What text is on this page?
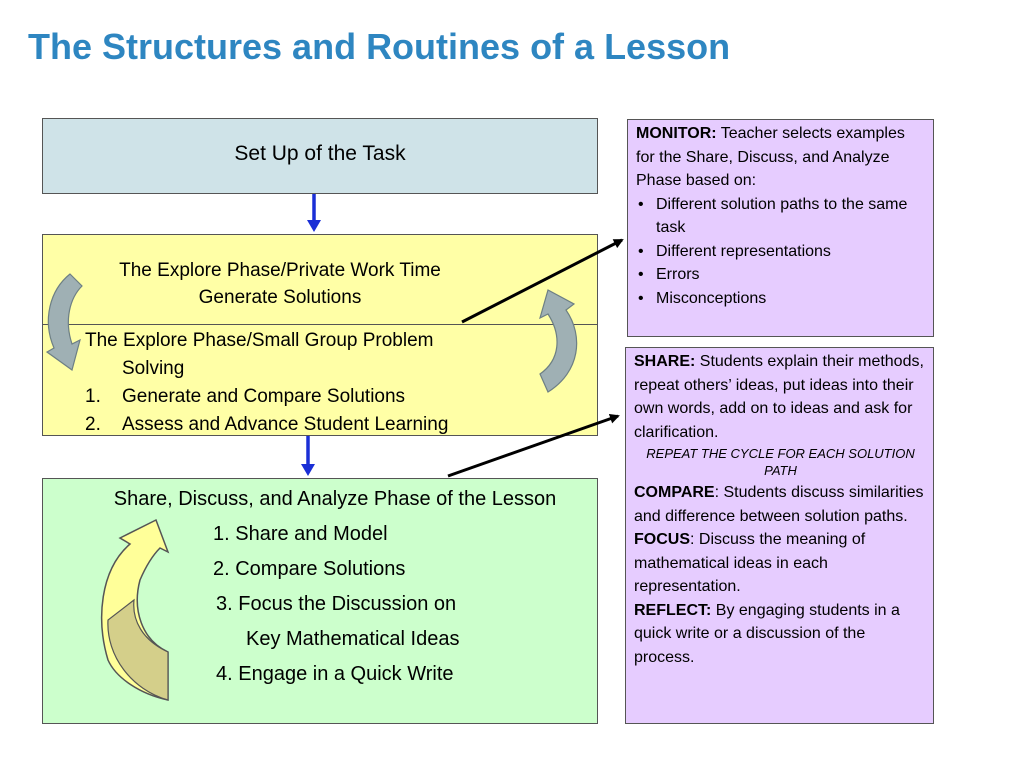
The Structures and Routines of a Lesson
Set Up of the Task
The Explore Phase/Private Work Time
Generate Solutions
The Explore Phase/Small Group Problem
Solving
1. Generate and Compare Solutions
2. Assess and Advance Student Learning
Share, Discuss, and Analyze Phase of the Lesson
1. Share and Model
2. Compare Solutions
3. Focus the Discussion on
Key Mathematical Ideas
4. Engage in a Quick Write
MONITOR: Teacher selects examples for the Share, Discuss, and Analyze Phase based on:
• Different solution paths to the same task
• Different representations
• Errors
• Misconceptions
SHARE: Students explain their methods, repeat others’ ideas, put ideas into their own words, add on to ideas and ask for clarification.
REPEAT THE CYCLE FOR EACH SOLUTION PATH
COMPARE: Students discuss similarities and difference between solution paths.
FOCUS: Discuss the meaning of mathematical ideas in each representation.
REFLECT: By engaging students in a quick write or a discussion of the process.
